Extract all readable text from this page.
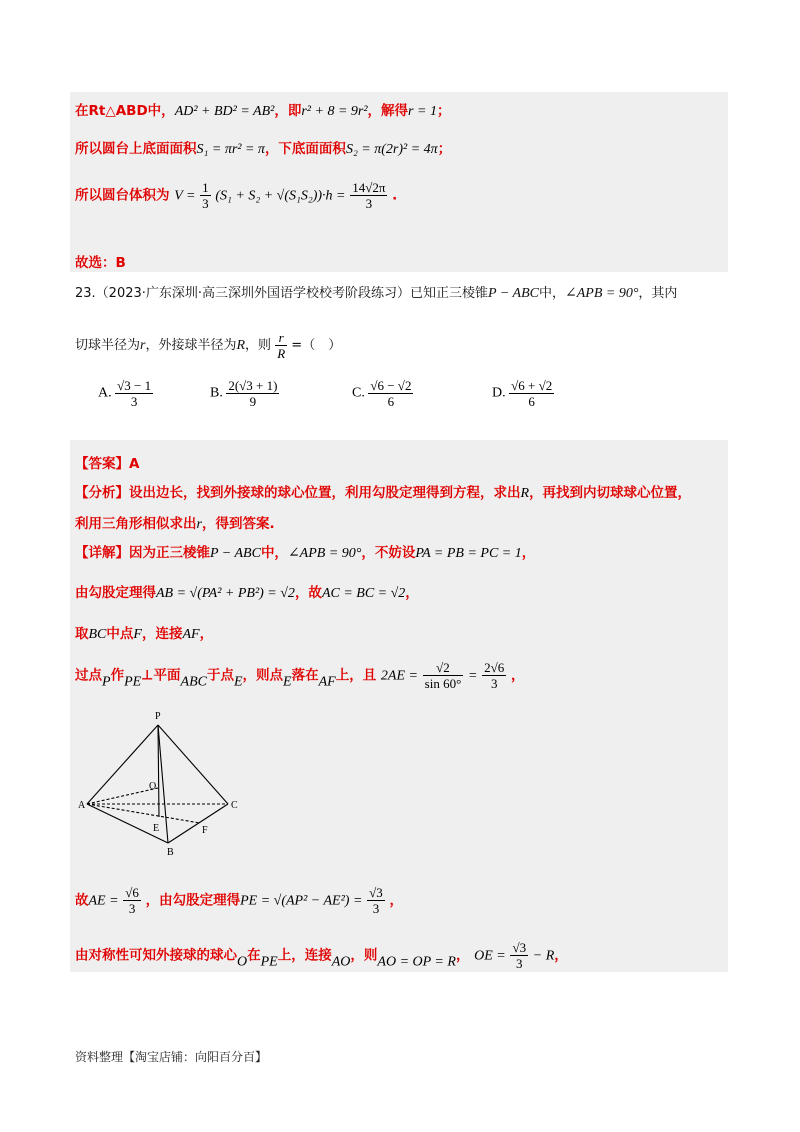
在Rt△ABD中，AD² + BD² = AB²，即r² + 8 = 9r²，解得r = 1；
所以圆台上底面面积S₁ = πr² = π，下底面面积S₂ = π(2r)² = 4π；
所以圆台体积为 $V = \frac{1}{3} (S_1 + S_2 + √(S_1S_2))\cdot h = \frac{14√2\pi}{3}$ .
故选：B
23.（2023·广东深圳·高三深圳外国语学校校考阶段练习）已知正三棱锥P − ABC中，∠APB = 90°，其内
切球半径为r，外接球半径为R，则 $\frac{r}{R}$ =（　）
A. $\frac{√3 - 1}{3}$	B. $\frac{2(√3 + 1)}{9}$	C. $\frac{√6 - √2}{6}$	D. $\frac{√6 + √2}{6}$
【答案】A
【分析】设出边长，找到外接球的球心位置，利用勾股定理得到方程，求出R，再找到内切球球心位置，
利用三角形相似求出r，得到答案.
【详解】因为正三棱锥P − ABC中，∠APB = 90°，不妨设PA = PB = PC = 1，
由勾股定理得AB = √(PA² + PB²) = √2，故AC = BC = √2，
取BC中点F，连接AF，
过点P作PE⊥平面ABC于点E，则点E落在AF上，且 $2AE = \frac{√2}{\sin 60^\circ} = \frac{2√6}{3}$ ，
P
O
A
E
C
F
B
故AE = $\frac{√6}{3}$ ，由勾股定理得PE = $√(AP^2 - AE^2) = \frac{√3}{3}$ ，
由对称性可知外接球的球心O在PE上，连接AO，则AO = OP = R， OE = $\frac{√3}{3} - R$，
资料整理【淘宝店铺：向阳百分百】
